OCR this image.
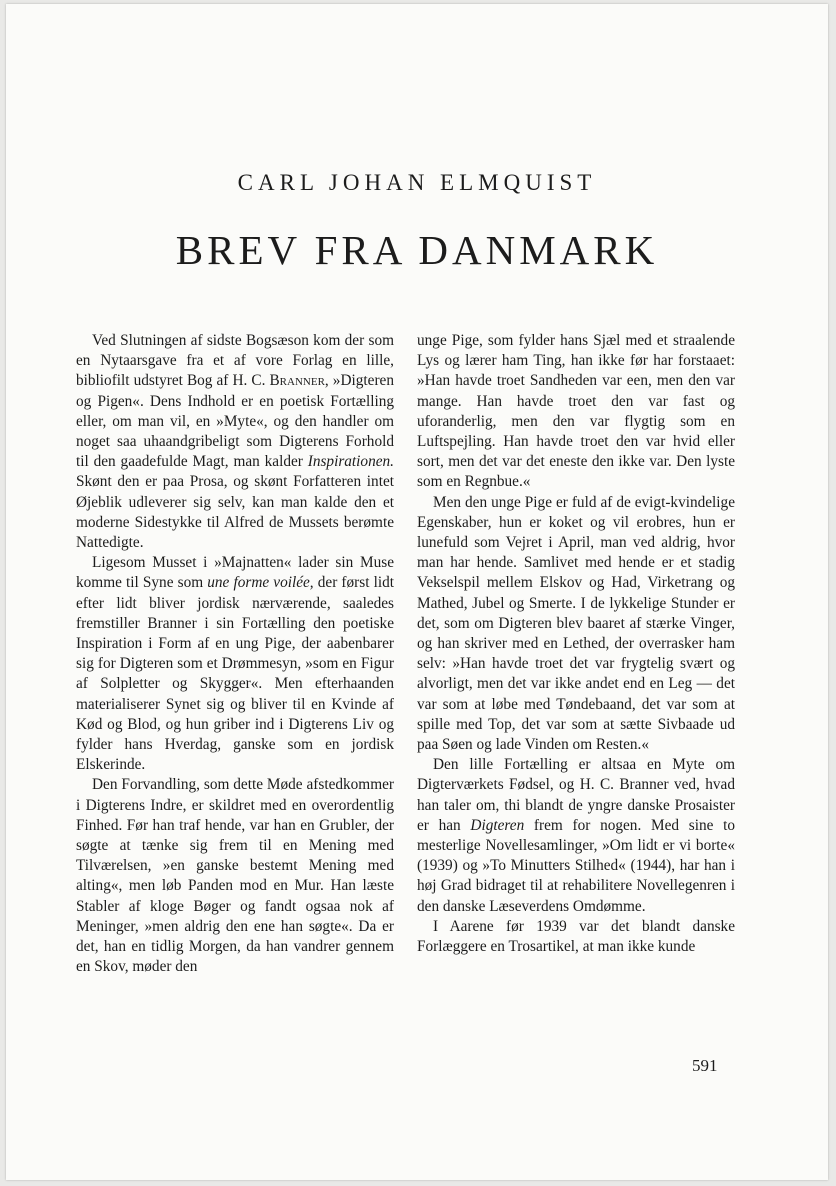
CARL JOHAN ELMQUIST
BREV FRA DANMARK

Ved Slutningen af sidste Bogsæson kom der som en Nytaarsgave fra et af vore Forlag en lille, bibliofilt udstyret Bog af H. C. Branner, »Digteren og Pigen«. Dens Indhold er en poetisk Fortælling eller, om man vil, en »Myte«, og den handler om noget saa uhaandgribeligt som Digterens Forhold til den gaadefulde Magt, man kalder Inspirationen. Skønt den er paa Prosa, og skønt Forfatteren intet Øjeblik udleverer sig selv, kan man kalde den et moderne Sidestykke til Alfred de Mussets berømte Nattedigte.

Ligesom Musset i »Majnatten« lader sin Muse komme til Syne som une forme voilée, der først lidt efter lidt bliver jordisk nærværende, saaledes fremstiller Branner i sin Fortælling den poetiske Inspiration i Form af en ung Pige, der aabenbarer sig for Digteren som et Drømmesyn, »som en Figur af Solpletter og Skygger«. Men efterhaanden materialiserer Synet sig og bliver til en Kvinde af Kød og Blod, og hun griber ind i Digterens Liv og fylder hans Hverdag, ganske som en jordisk Elskerinde.

Den Forvandling, som dette Møde afstedkommer i Digterens Indre, er skildret med en overordentlig Finhed. Før han traf hende, var han en Grubler, der søgte at tænke sig frem til en Mening med Tilværelsen, »en ganske bestemt Mening med alting«, men løb Panden mod en Mur. Han læste Stabler af kloge Bøger og fandt ogsaa nok af Meninger, »men aldrig den ene han søgte«. Da er det, han en tidlig Morgen, da han vandrer gennem en Skov, møder den

unge Pige, som fylder hans Sjæl med et straalende Lys og lærer ham Ting, han ikke før har forstaaet: »Han havde troet Sandheden var een, men den var mange. Han havde troet den var fast og uforanderlig, men den var flygtig som en Luftspejling. Han havde troet den var hvid eller sort, men det var det eneste den ikke var. Den lyste som en Regnbue.«

Men den unge Pige er fuld af de evigt-kvindelige Egenskaber, hun er koket og vil erobres, hun er lunefuld som Vejret i April, man ved aldrig, hvor man har hende. Samlivet med hende er et stadig Vekselspil mellem Elskov og Had, Virketrang og Mathed, Jubel og Smerte. I de lykkelige Stunder er det, som om Digteren blev baaret af stærke Vinger, og han skriver med en Lethed, der overrasker ham selv: »Han havde troet det var frygtelig svært og alvorligt, men det var ikke andet end en Leg — det var som at løbe med Tøndebaand, det var som at spille med Top, det var som at sætte Sivbaade ud paa Søen og lade Vinden om Resten.«

Den lille Fortælling er altsaa en Myte om Digterværkets Fødsel, og H. C. Branner ved, hvad han taler om, thi blandt de yngre danske Prosaister er han Digteren frem for nogen. Med sine to mesterlige Novellesamlinger, »Om lidt er vi borte« (1939) og »To Minutters Stilhed« (1944), har han i høj Grad bidraget til at rehabilitere Novellegenren i den danske Læseverdens Omdømme.

I Aarene før 1939 var det blandt danske Forlæggere en Trosartikel, at man ikke kunde

591
